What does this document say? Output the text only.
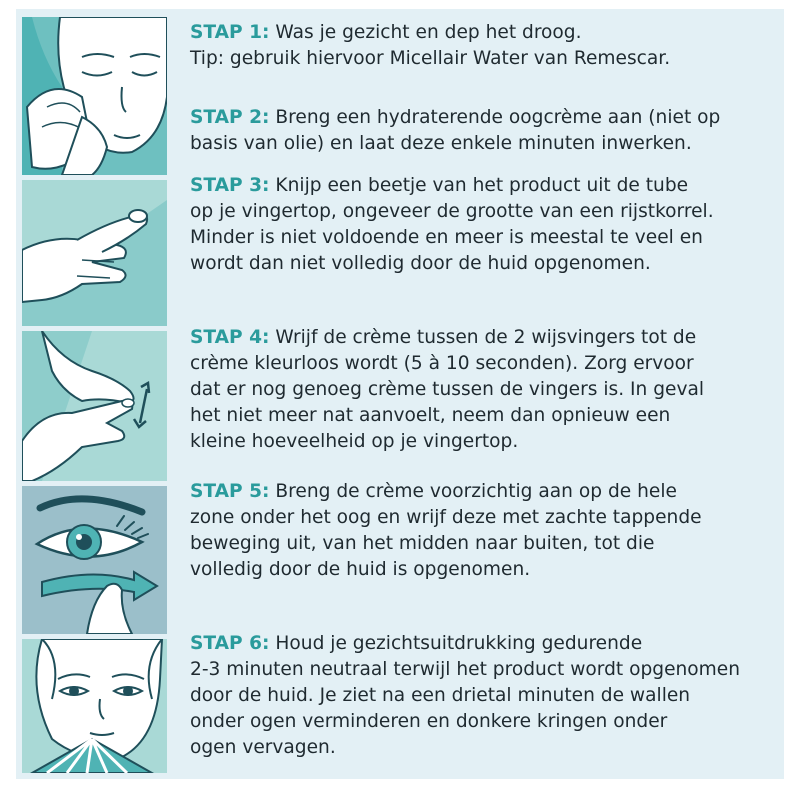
STAP 1: Was je gezicht en dep het droog.
Tip: gebruik hiervoor Micellair Water van Remescar.

STAP 2: Breng een hydraterende oogcrème aan (niet op
basis van olie) en laat deze enkele minuten inwerken.

STAP 3: Knijp een beetje van het product uit de tube
op je vingertop, ongeveer de grootte van een rijstkorrel.
Minder is niet voldoende en meer is meestal te veel en
wordt dan niet volledig door de huid opgenomen.

STAP 4: Wrijf de crème tussen de 2 wijsvingers tot de
crème kleurloos wordt (5 à 10 seconden). Zorg ervoor
dat er nog genoeg crème tussen de vingers is. In geval
het niet meer nat aanvoelt, neem dan opnieuw een
kleine hoeveelheid op je vingertop.

STAP 5: Breng de crème voorzichtig aan op de hele
zone onder het oog en wrijf deze met zachte tappende
beweging uit, van het midden naar buiten, tot die
volledig door de huid is opgenomen.

STAP 6: Houd je gezichtsuitdrukking gedurende
2-3 minuten neutraal terwijl het product wordt opgenomen
door de huid. Je ziet na een drietal minuten de wallen
onder ogen verminderen en donkere kringen onder
ogen vervagen.
